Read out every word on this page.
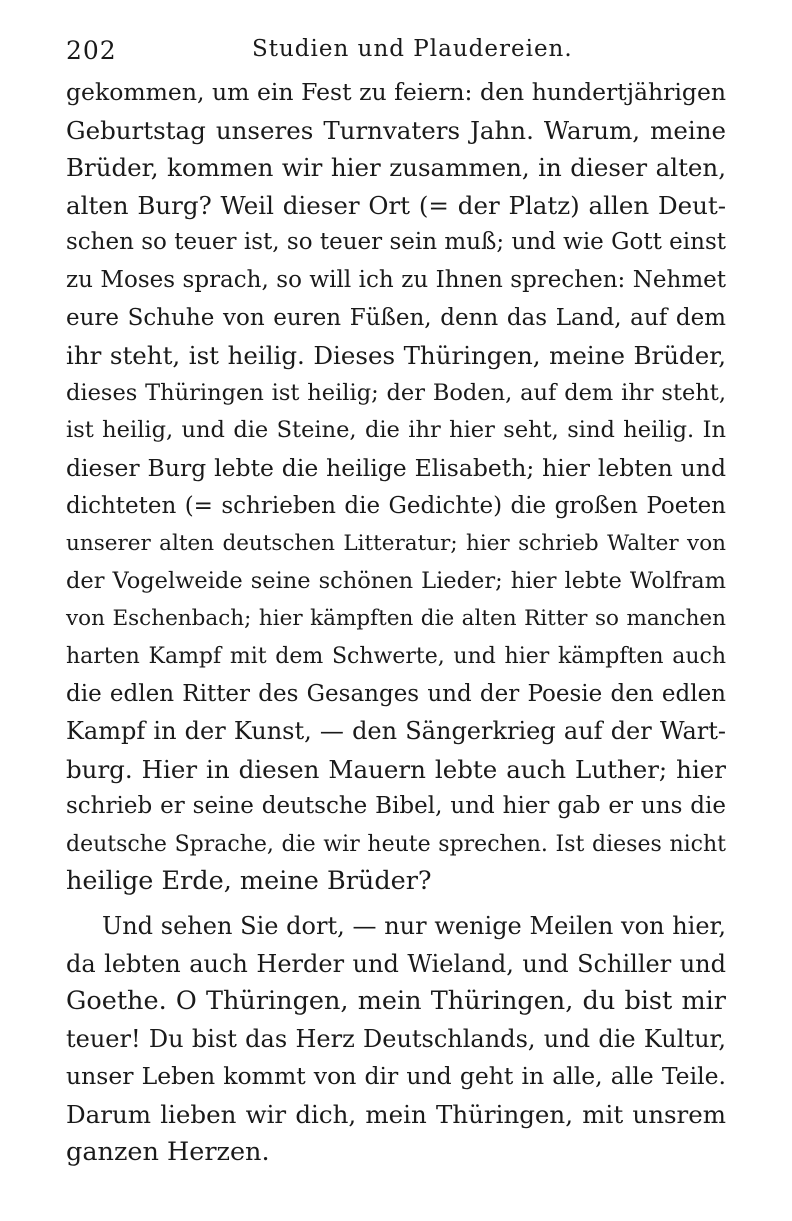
202	Studien und Plaudereien.
gekommen, um ein Fest zu feiern: den hundertjährigen
Geburtstag unseres Turnvaters Jahn. Warum, meine
Brüder, kommen wir hier zusammen, in dieser alten,
alten Burg? Weil dieser Ort (= der Platz) allen Deut-
schen so teuer ist, so teuer sein muß; und wie Gott einst
zu Moses sprach, so will ich zu Ihnen sprechen: Nehmet
eure Schuhe von euren Füßen, denn das Land, auf dem
ihr steht, ist heilig. Dieses Thüringen, meine Brüder,
dieses Thüringen ist heilig; der Boden, auf dem ihr steht,
ist heilig, und die Steine, die ihr hier seht, sind heilig. In
dieser Burg lebte die heilige Elisabeth; hier lebten und
dichteten (= schrieben die Gedichte) die großen Poeten
unserer alten deutschen Litteratur; hier schrieb Walter von
der Vogelweide seine schönen Lieder; hier lebte Wolfram
von Eschenbach; hier kämpften die alten Ritter so manchen
harten Kampf mit dem Schwerte, und hier kämpften auch
die edlen Ritter des Gesanges und der Poesie den edlen
Kampf in der Kunst, — den Sängerkrieg auf der Wart-
burg. Hier in diesen Mauern lebte auch Luther; hier
schrieb er seine deutsche Bibel, und hier gab er uns die
deutsche Sprache, die wir heute sprechen. Ist dieses nicht
heilige Erde, meine Brüder?
Und sehen Sie dort, — nur wenige Meilen von hier,
da lebten auch Herder und Wieland, und Schiller und
Goethe. O Thüringen, mein Thüringen, du bist mir
teuer! Du bist das Herz Deutschlands, und die Kultur,
unser Leben kommt von dir und geht in alle, alle Teile.
Darum lieben wir dich, mein Thüringen, mit unsrem
ganzen Herzen.
